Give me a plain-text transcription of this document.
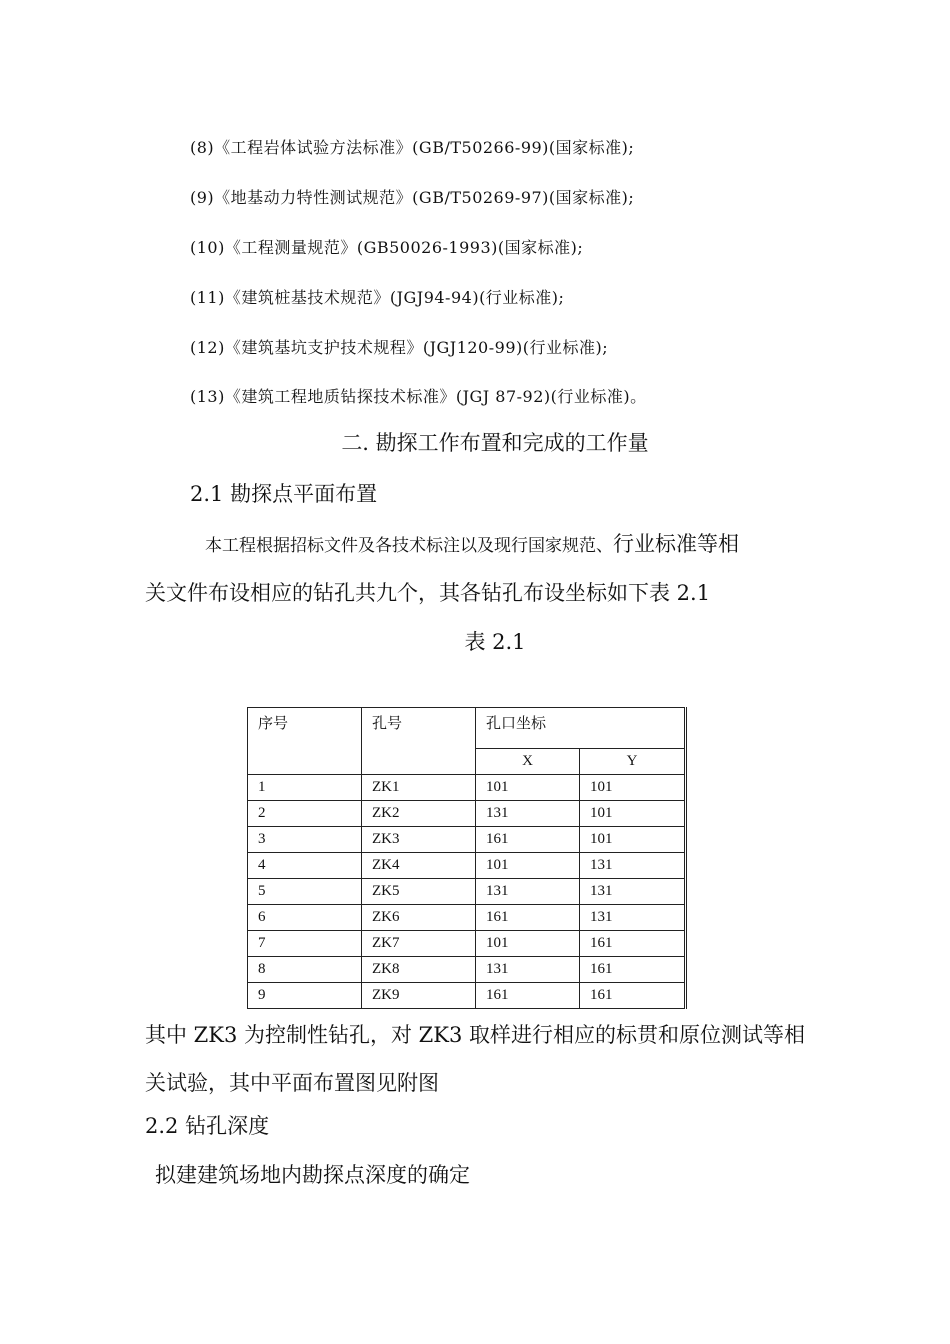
(8)《工程岩体试验方法标准》(GB/T50266-99)(国家标准);
(9)《地基动力特性测试规范》(GB/T50269-97)(国家标准);
(10)《工程测量规范》(GB50026-1993)(国家标准);
(11)《建筑桩基技术规范》(JGJ94-94)(行业标准);
(12)《建筑基坑支护技术规程》(JGJ120-99)(行业标准);
(13)《建筑工程地质钻探技术标准》(JGJ 87-92)(行业标准)。
二. 勘探工作布置和完成的工作量
2.1 勘探点平面布置
本工程根据招标文件及各技术标注以及现行国家规范、行业标准等相
关文件布设相应的钻孔共九个，其各钻孔布设坐标如下表 2.1
表 2.1
序号	孔号	孔口坐标	
		X	Y
1	ZK1	101	101
2	ZK2	131	101
3	ZK3	161	101
4	ZK4	101	131
5	ZK5	131	131
6	ZK6	161	131
7	ZK7	101	161
8	ZK8	131	161
9	ZK9	161	161
其中 ZK3 为控制性钻孔，对 ZK3 取样进行相应的标贯和原位测试等相
关试验，其中平面布置图见附图
2.2 钻孔深度
拟建建筑场地内勘探点深度的确定
